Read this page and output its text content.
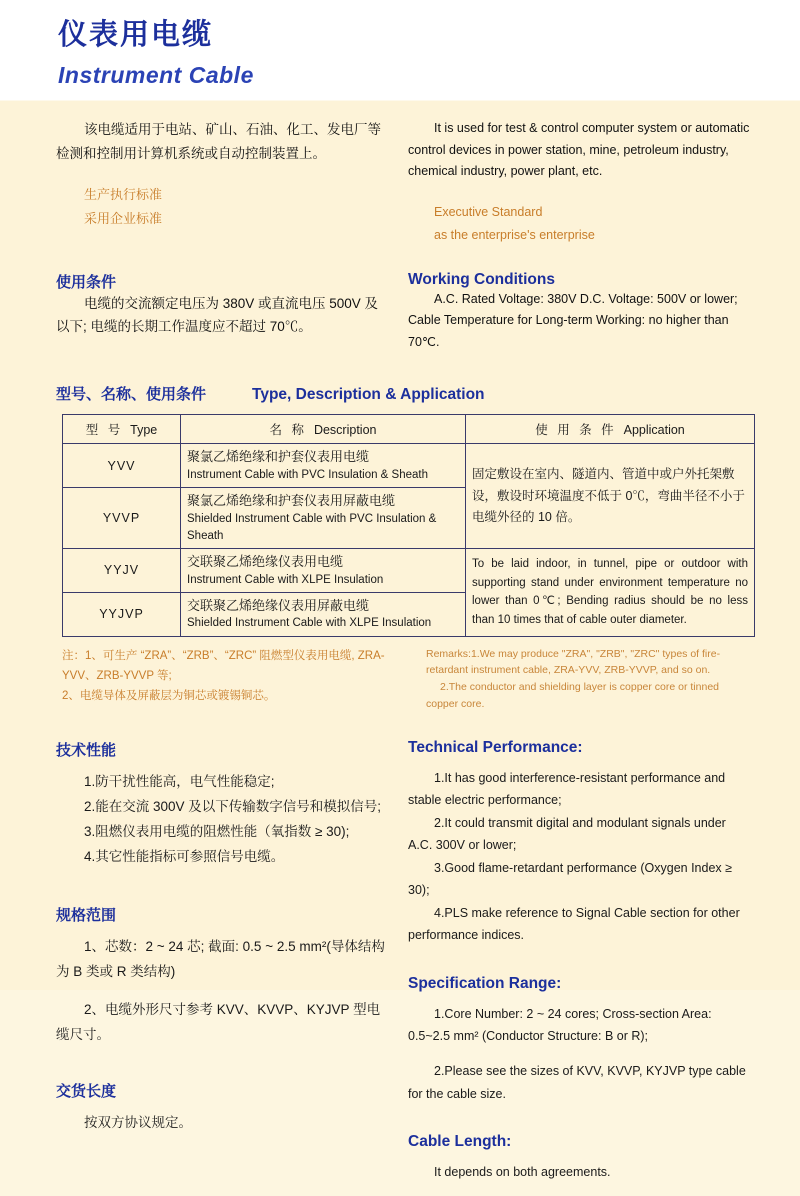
仪表用电缆
Instrument Cable

该电缆适用于电站、矿山、石油、化工、发电厂等检测和控制用计算机系统或自动控制装置上。

生产执行标准
采用企业标准

It is used for test & control computer system or automatic control devices in power station, mine, petroleum industry, chemical industry, power plant, etc.

Executive Standard
as the enterprise's enterprise
使用条件

电缆的交流额定电压为 380V 或直流电压 500V 及以下; 电缆的长期工作温度应不超过 70℃。

Working Conditions

A.C. Rated Voltage: 380V D.C. Voltage: 500V or lower; Cable Temperature for Long-term Working: no higher than 70℃.

型号、名称、使用条件	Type, Description & Application
型 号 Type	名 称 Description	使 用 条 件 Application
YVV	聚氯乙烯绝缘和护套仪表用电缆
Instrument Cable with PVC Insulation & Sheath	固定敷设在室内、隧道内、管道中或户外托架敷设，敷设时环境温度不低于 0℃，弯曲半径不小于电缆外径的 10 倍。

YVVP	聚氯乙烯绝缘和护套仪表用屏蔽电缆
Shielded Instrument Cable with PVC Insulation & Sheath	

YYJV	交联聚乙烯绝缘仪表用电缆
Instrument Cable with XLPE Insulation	To be laid indoor, in tunnel, pipe or outdoor with supporting stand under environment temperature no lower than 0℃; Bending radius should be no less than 10 times that of cable outer diameter.

YYJVP	交联聚乙烯绝缘仪表用屏蔽电缆
Shielded Instrument Cable with XLPE Insulation	
注：1、可生产 “ZRA”、“ZRB”、“ZRC” 阻燃型仪表用电缆, ZRA-YVV、ZRB-YVVP 等;
2、电缆导体及屏蔽层为铜芯或镀锡铜芯。
Remarks:1.We may produce "ZRA", "ZRB", "ZRC" types of fire-retardant instrument cable, ZRA-YVV, ZRB-YVVP, and so on.
2.The conductor and shielding layer is copper core or tinned copper core.
技术性能
1.防干扰性能高，电气性能稳定;
2.能在交流 300V 及以下传输数字信号和模拟信号;
3.阻燃仪表用电缆的阻燃性能（氧指数 ≥ 30);
4.其它性能指标可参照信号电缆。
规格范围

1、芯数：2 ~ 24 芯; 截面: 0.5 ~ 2.5 mm²(导体结构为 B 类或 R 类结构)

2、电缆外形尺寸参考 KVV、KVVP、KYJVP 型电缆尺寸。

交货长度

按双方协议规定。

Technical Performance:
1.It has good interference-resistant performance and stable electric performance;
2.It could transmit digital and modulant signals under A.C. 300V or lower;
3.Good flame-retardant performance (Oxygen Index ≥ 30);
4.PLS make reference to Signal Cable section for other performance indices.
Specification Range:

1.Core Number: 2 ~ 24 cores; Cross-section Area: 0.5~2.5 mm² (Conductor Structure: B or R);

2.Please see the sizes of KVV, KVVP, KYJVP type cable for the cable size.

Cable Length:

It depends on both agreements.
